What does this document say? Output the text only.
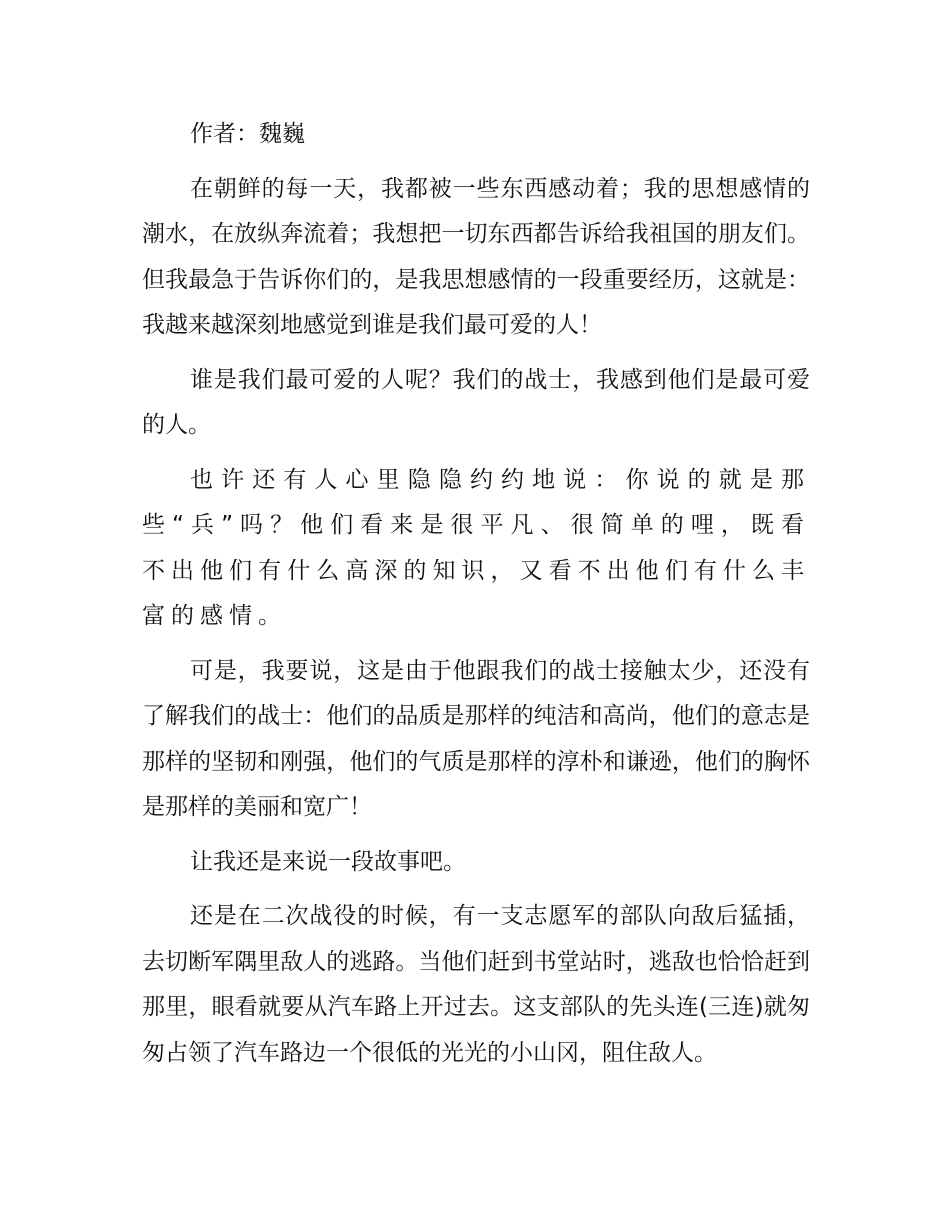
作者：魏巍

在朝鲜的每一天，我都被一些东西感动着；我的思想感情的潮水，在放纵奔流着；我想把一切东西都告诉给我祖国的朋友们。但我最急于告诉你们的，是我思想感情的一段重要经历，这就是：我越来越深刻地感觉到谁是我们最可爱的人！

谁是我们最可爱的人呢？我们的战士，我感到他们是最可爱的人。

也许还有人心里隐隐约约地说：你说的就是那些“兵”吗？他们看来是很平凡、很简单的哩，既看不出他们有什么高深的知识，又看不出他们有什么丰富的感情。

可是，我要说，这是由于他跟我们的战士接触太少，还没有了解我们的战士：他们的品质是那样的纯洁和高尚，他们的意志是那样的坚韧和刚强，他们的气质是那样的淳朴和谦逊，他们的胸怀是那样的美丽和宽广！

让我还是来说一段故事吧。

还是在二次战役的时候，有一支志愿军的部队向敌后猛插，去切断军隅里敌人的逃路。当他们赶到书堂站时，逃敌也恰恰赶到那里，眼看就要从汽车路上开过去。这支部队的先头连(三连)就匆匆占领了汽车路边一个很低的光光的小山冈，阻住敌人。
